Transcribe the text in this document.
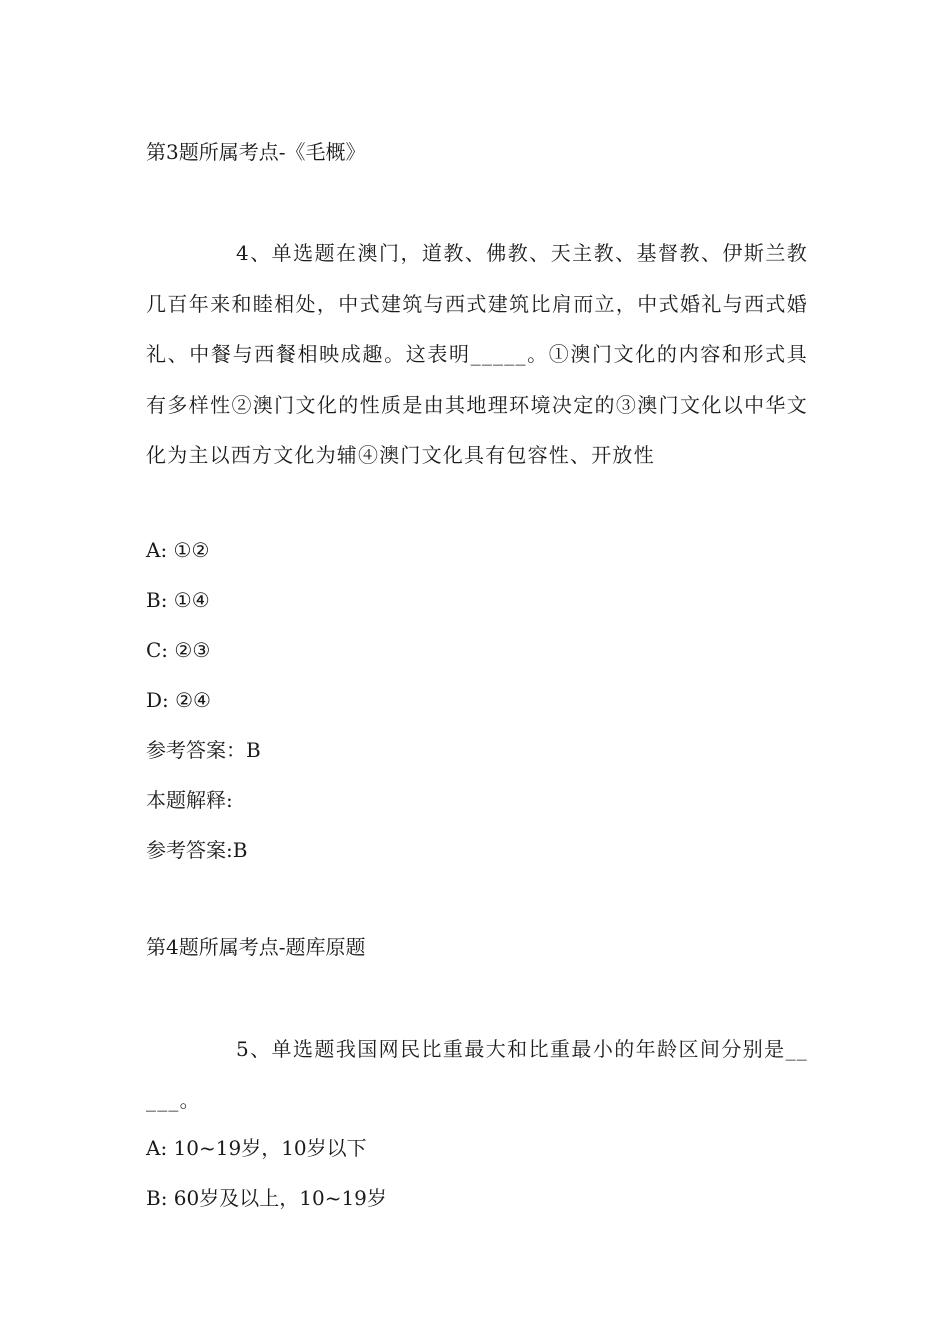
第3题所属考点-《毛概》

4、单选题在澳门，道教、佛教、天主教、基督教、伊斯兰教几百年来和睦相处，中式建筑与西式建筑比肩而立，中式婚礼与西式婚礼、中餐与西餐相映成趣。这表明_____。①澳门文化的内容和形式具有多样性②澳门文化的性质是由其地理环境决定的③澳门文化以中华文化为主以西方文化为辅④澳门文化具有包容性、开放性

A: ①②

B: ①④

C: ②③

D: ②④

参考答案：B

本题解释:

参考答案:B

第4题所属考点-题库原题

5、单选题我国网民比重最大和比重最小的年龄区间分别是_____。

A: 10~19岁，10岁以下

B: 60岁及以上，10~19岁
